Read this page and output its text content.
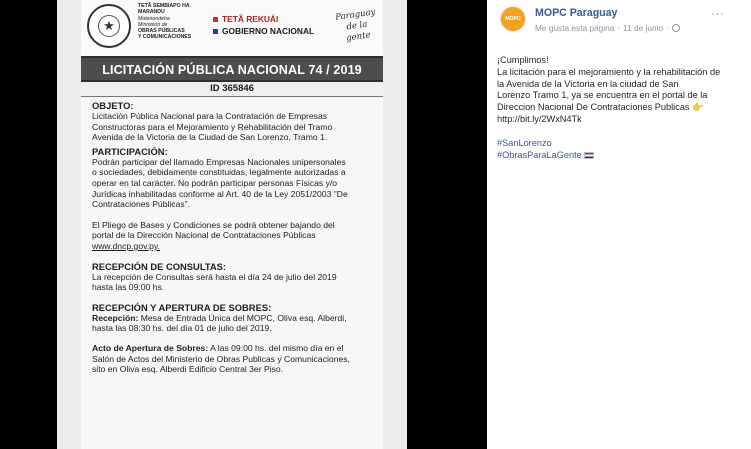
★
TETÃ SEMBIAPO HA MARANDU
Motenondeha
Ministerio de
OBRAS PÚBLICAS
Y COMUNICACIONES
TETÃ REKUÁI
GOBIERNO NACIONAL
Paraguay
de la gente
LICITACIÓN PÚBLICA NACIONAL 74 / 2019
ID 365846
OBJETO:
Licitación Pública Nacional para la Contratación de Empresas
Constructoras para el Mejoramiento y Rehabilitación del Tramo
Avenida de la Victoria de la Ciudad de San Lorenzo, Tramo 1.
PARTICIPACIÓN:
Podrán participar del llamado Empresas Nacionales unipersonales
o sociedades, debidamente constituidas, legalmente autorizadas a
operar en tal carácter. No podrán participar personas Físicas y/o
Jurídicas inhabilitadas conforme al Art. 40 de la Ley 2051/2003 "De
Contrataciones Públicas".
El Pliego de Bases y Condiciones se podrá obtener bajando del
portal de la Dirección Nacional de Contrataciones Públicas
www.dncp.gov.py.
RECEPCIÓN DE CONSULTAS:
La recepción de Consultas será hasta el día 24 de julio del 2019
hasta las 09:00 hs.
RECEPCIÓN Y APERTURA DE SOBRES:
Recepción: Mesa de Entrada Única del MOPC, Oliva esq. Alberdi,
hasta las 08:30 hs. del día 01 de julio del 2019.
Acto de Apertura de Sobres: A las 09:00 hs. del mismo día en el
Salón de Actos del Ministerio de Obras Publicas y Comunicaciones,
sito en Oliva esq. Alberdi Edificio Central 3er Piso.
MOPC	MOPC Paraguay
Me gusta esta página · 11 de junio ·
···
¡Cumplimos!
La licitación para el mejoramiento y la rehabilitación de
la Avenida de la Victoria en la ciudad de San
Lorenzo Tramo 1, ya se encuentra en el portal de la
Direccion Nacional De Contrataciones Publicas 👉
http://bit.ly/2WxN4Tk
#SanLorenzo
#ObrasParaLaGente
